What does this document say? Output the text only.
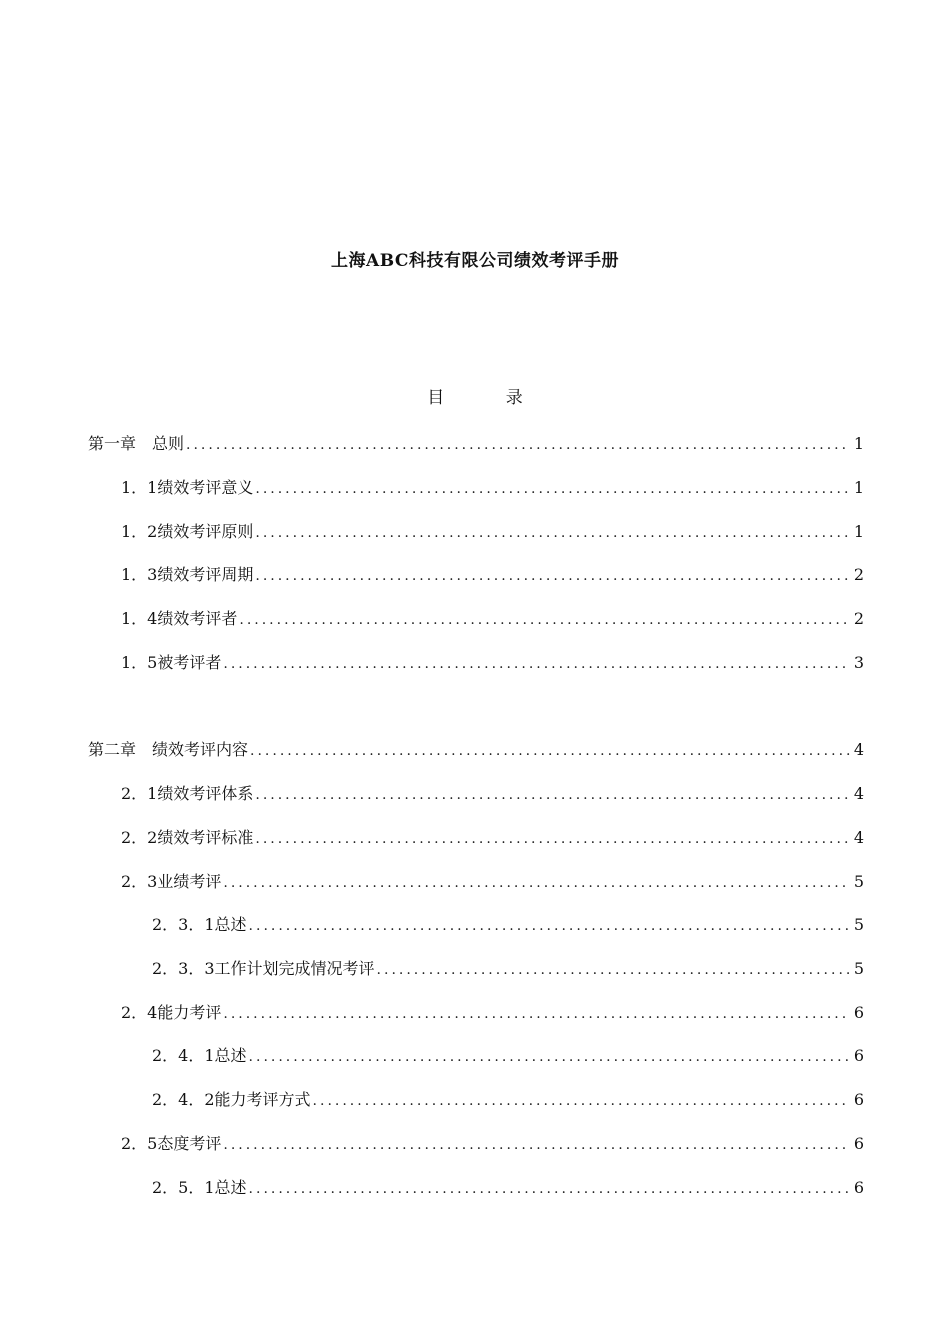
上海ABC科技有限公司绩效考评手册
目 录
第一章　总则 .....	1
1．1绩效考评意义 .....	1
1．2绩效考评原则 .....	1
1．3绩效考评周期 .....	2
1．4绩效考评者 .....	2
1．5被考评者 .....	3
第二章　绩效考评内容 .....	4
2．1绩效考评体系 .....	4
2．2绩效考评标准 .....	4
2．3业绩考评 .....	5
2．3．1总述 .....	5
2．3．3工作计划完成情况考评 .....	5
2．4能力考评 .....	6
2．4．1总述 .....	6
2．4．2能力考评方式 .....	6
2．5态度考评 .....	6
2．5．1总述 .....	6
